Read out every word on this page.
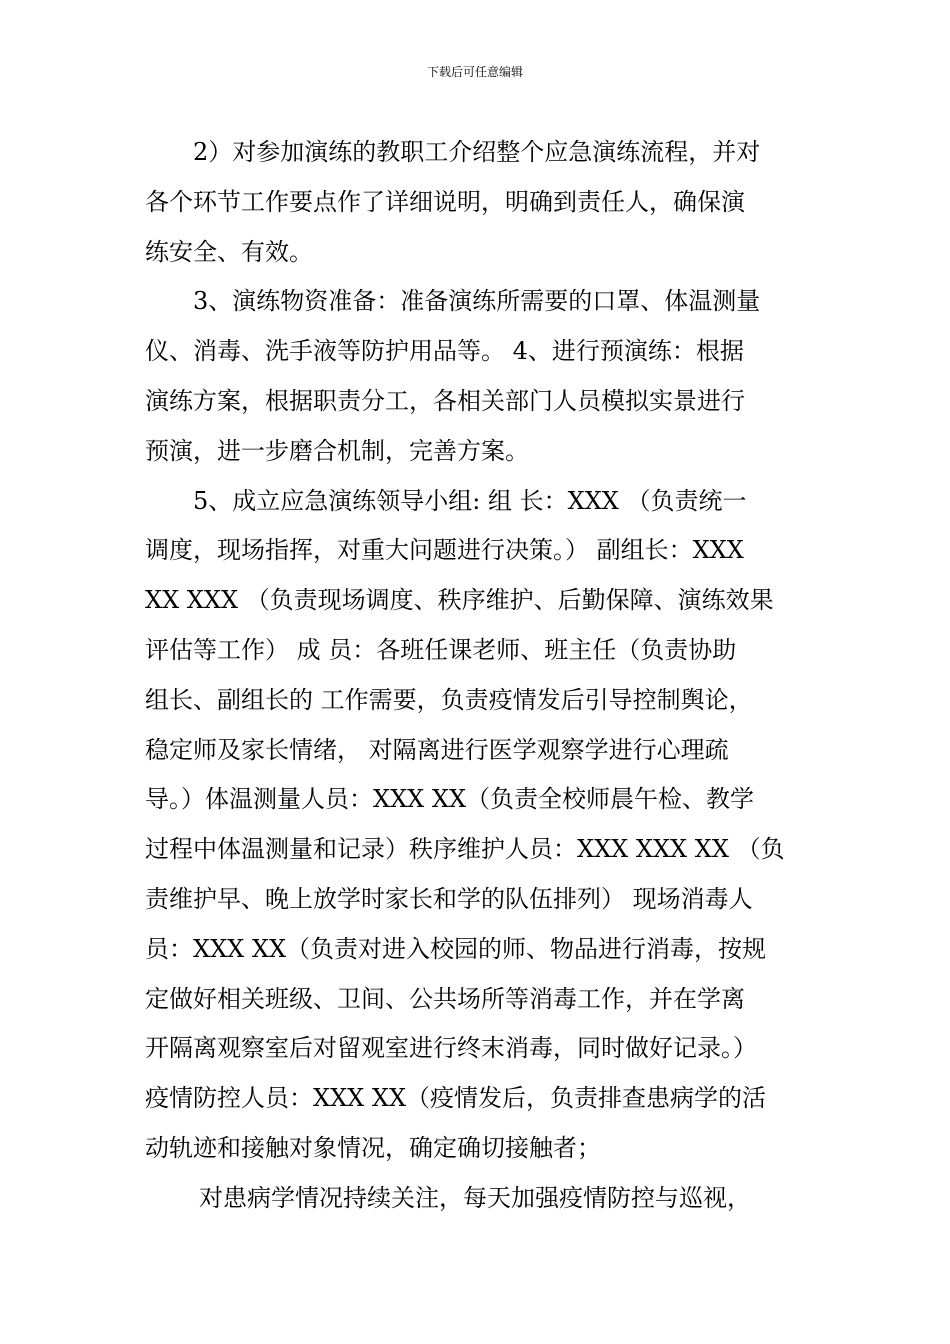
下载后可任意编辑
2）对参加演练的教职工介绍整个应急演练流程，并对
各个环节工作要点作了详细说明，明确到责任人，确保演
练安全、有效。
3、演练物资准备：准备演练所需要的口罩、体温测量
仪、消毒、洗手液等防护用品等。 4、进行预演练：根据
演练方案，根据职责分工，各相关部门人员模拟实景进行
预演，进一步磨合机制，完善方案。
5、成立应急演练领导小组: 组 长：XXX （负责统一
调度，现场指挥，对重大问题进行决策。） 副组长：XXX
XX XXX （负责现场调度、秩序维护、后勤保障、演练效果
评估等工作） 成 员：各班任课老师、班主任（负责协助
组长、副组长的 工作需要，负责疫情发后引导控制舆论，
稳定师及家长情绪， 对隔离进行医学观察学进行心理疏
导。）体温测量人员：XXX XX（负责全校师晨午检、教学
过程中体温测量和记录）秩序维护人员：XXX XXX XX （负
责维护早、晚上放学时家长和学的队伍排列） 现场消毒人
员：XXX XX（负责对进入校园的师、物品进行消毒，按规
定做好相关班级、卫间、公共场所等消毒工作，并在学离
开隔离观察室后对留观室进行终末消毒，同时做好记录。）
疫情防控人员：XXX XX（疫情发后，负责排查患病学的活
动轨迹和接触对象情况，确定确切接触者；
对患病学情况持续关注，每天加强疫情防控与巡视，
